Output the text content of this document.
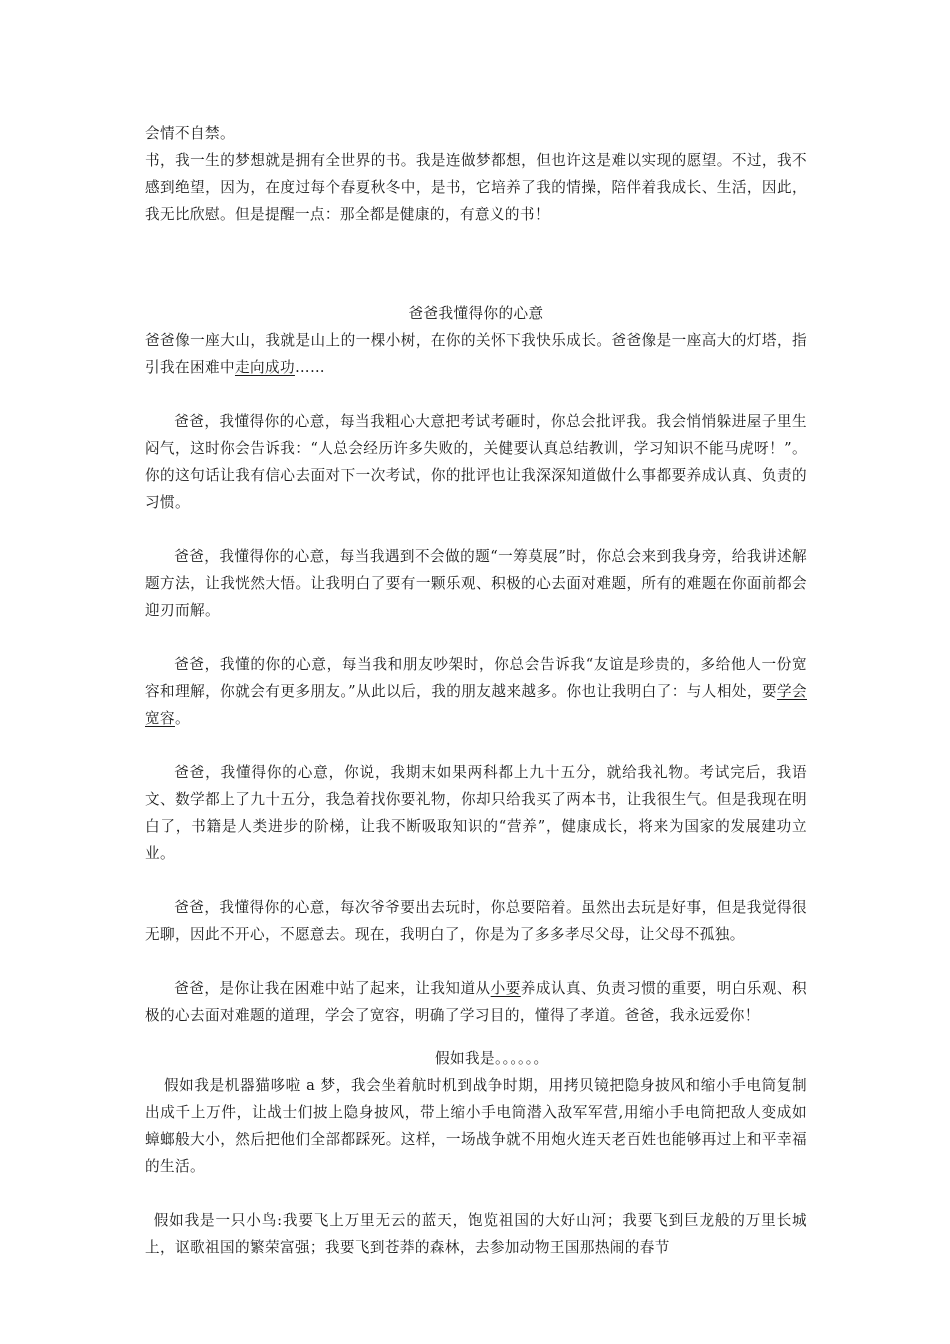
会情不自禁。

书，我一生的梦想就是拥有全世界的书。我是连做梦都想，但也许这是难以实现的愿望。不过，我不感到绝望，因为，在度过每个春夏秋冬中，是书，它培养了我的情操，陪伴着我成长、生活，因此，我无比欣慰。但是提醒一点：那全都是健康的，有意义的书！

爸爸我懂得你的心意

爸爸像一座大山，我就是山上的一棵小树，在你的关怀下我快乐成长。爸爸像是一座高大的灯塔，指引我在困难中走向成功……

爸爸，我懂得你的心意，每当我粗心大意把考试考砸时，你总会批评我。我会悄悄躲进屋子里生闷气，这时你会告诉我：“人总会经历许多失败的，关健要认真总结教训，学习知识不能马虎呀！”。你的这句话让我有信心去面对下一次考试，你的批评也让我深深知道做什么事都要养成认真、负责的习惯。

爸爸，我懂得你的心意，每当我遇到不会做的题“一筹莫展”时，你总会来到我身旁，给我讲述解题方法，让我恍然大悟。让我明白了要有一颗乐观、积极的心去面对难题，所有的难题在你面前都会迎刃而解。

爸爸，我懂的你的心意，每当我和朋友吵架时，你总会告诉我“友谊是珍贵的，多给他人一份宽容和理解，你就会有更多朋友。”从此以后，我的朋友越来越多。你也让我明白了：与人相处，要学会宽容。

爸爸，我懂得你的心意，你说，我期末如果两科都上九十五分，就给我礼物。考试完后，我语文、数学都上了九十五分，我急着找你要礼物，你却只给我买了两本书，让我很生气。但是我现在明白了，书籍是人类进步的阶梯，让我不断吸取知识的“营养”，健康成长，将来为国家的发展建功立业。

爸爸，我懂得你的心意，每次爷爷要出去玩时，你总要陪着。虽然出去玩是好事，但是我觉得很无聊，因此不开心，不愿意去。现在，我明白了，你是为了多多孝尽父母，让父母不孤独。

爸爸，是你让我在困难中站了起来，让我知道从小要养成认真、负责习惯的重要，明白乐观、积极的心去面对难题的道理，学会了宽容，明确了学习目的，懂得了孝道。爸爸，我永远爱你！

假如我是。。。。。。

假如我是机器猫哆啦 a 梦，我会坐着航时机到战争时期，用拷贝镜把隐身披风和缩小手电筒复制出成千上万件，让战士们披上隐身披风，带上缩小手电筒潜入敌军军营,用缩小手电筒把敌人变成如蟑螂般大小，然后把他们全部都踩死。这样，一场战争就不用炮火连天老百姓也能够再过上和平幸福的生活。

假如我是一只小鸟:我要飞上万里无云的蓝天，饱览祖国的大好山河；我要飞到巨龙般的万里长城上，讴歌祖国的繁荣富强；我要飞到苍莽的森林，去参加动物王国那热闹的春节
